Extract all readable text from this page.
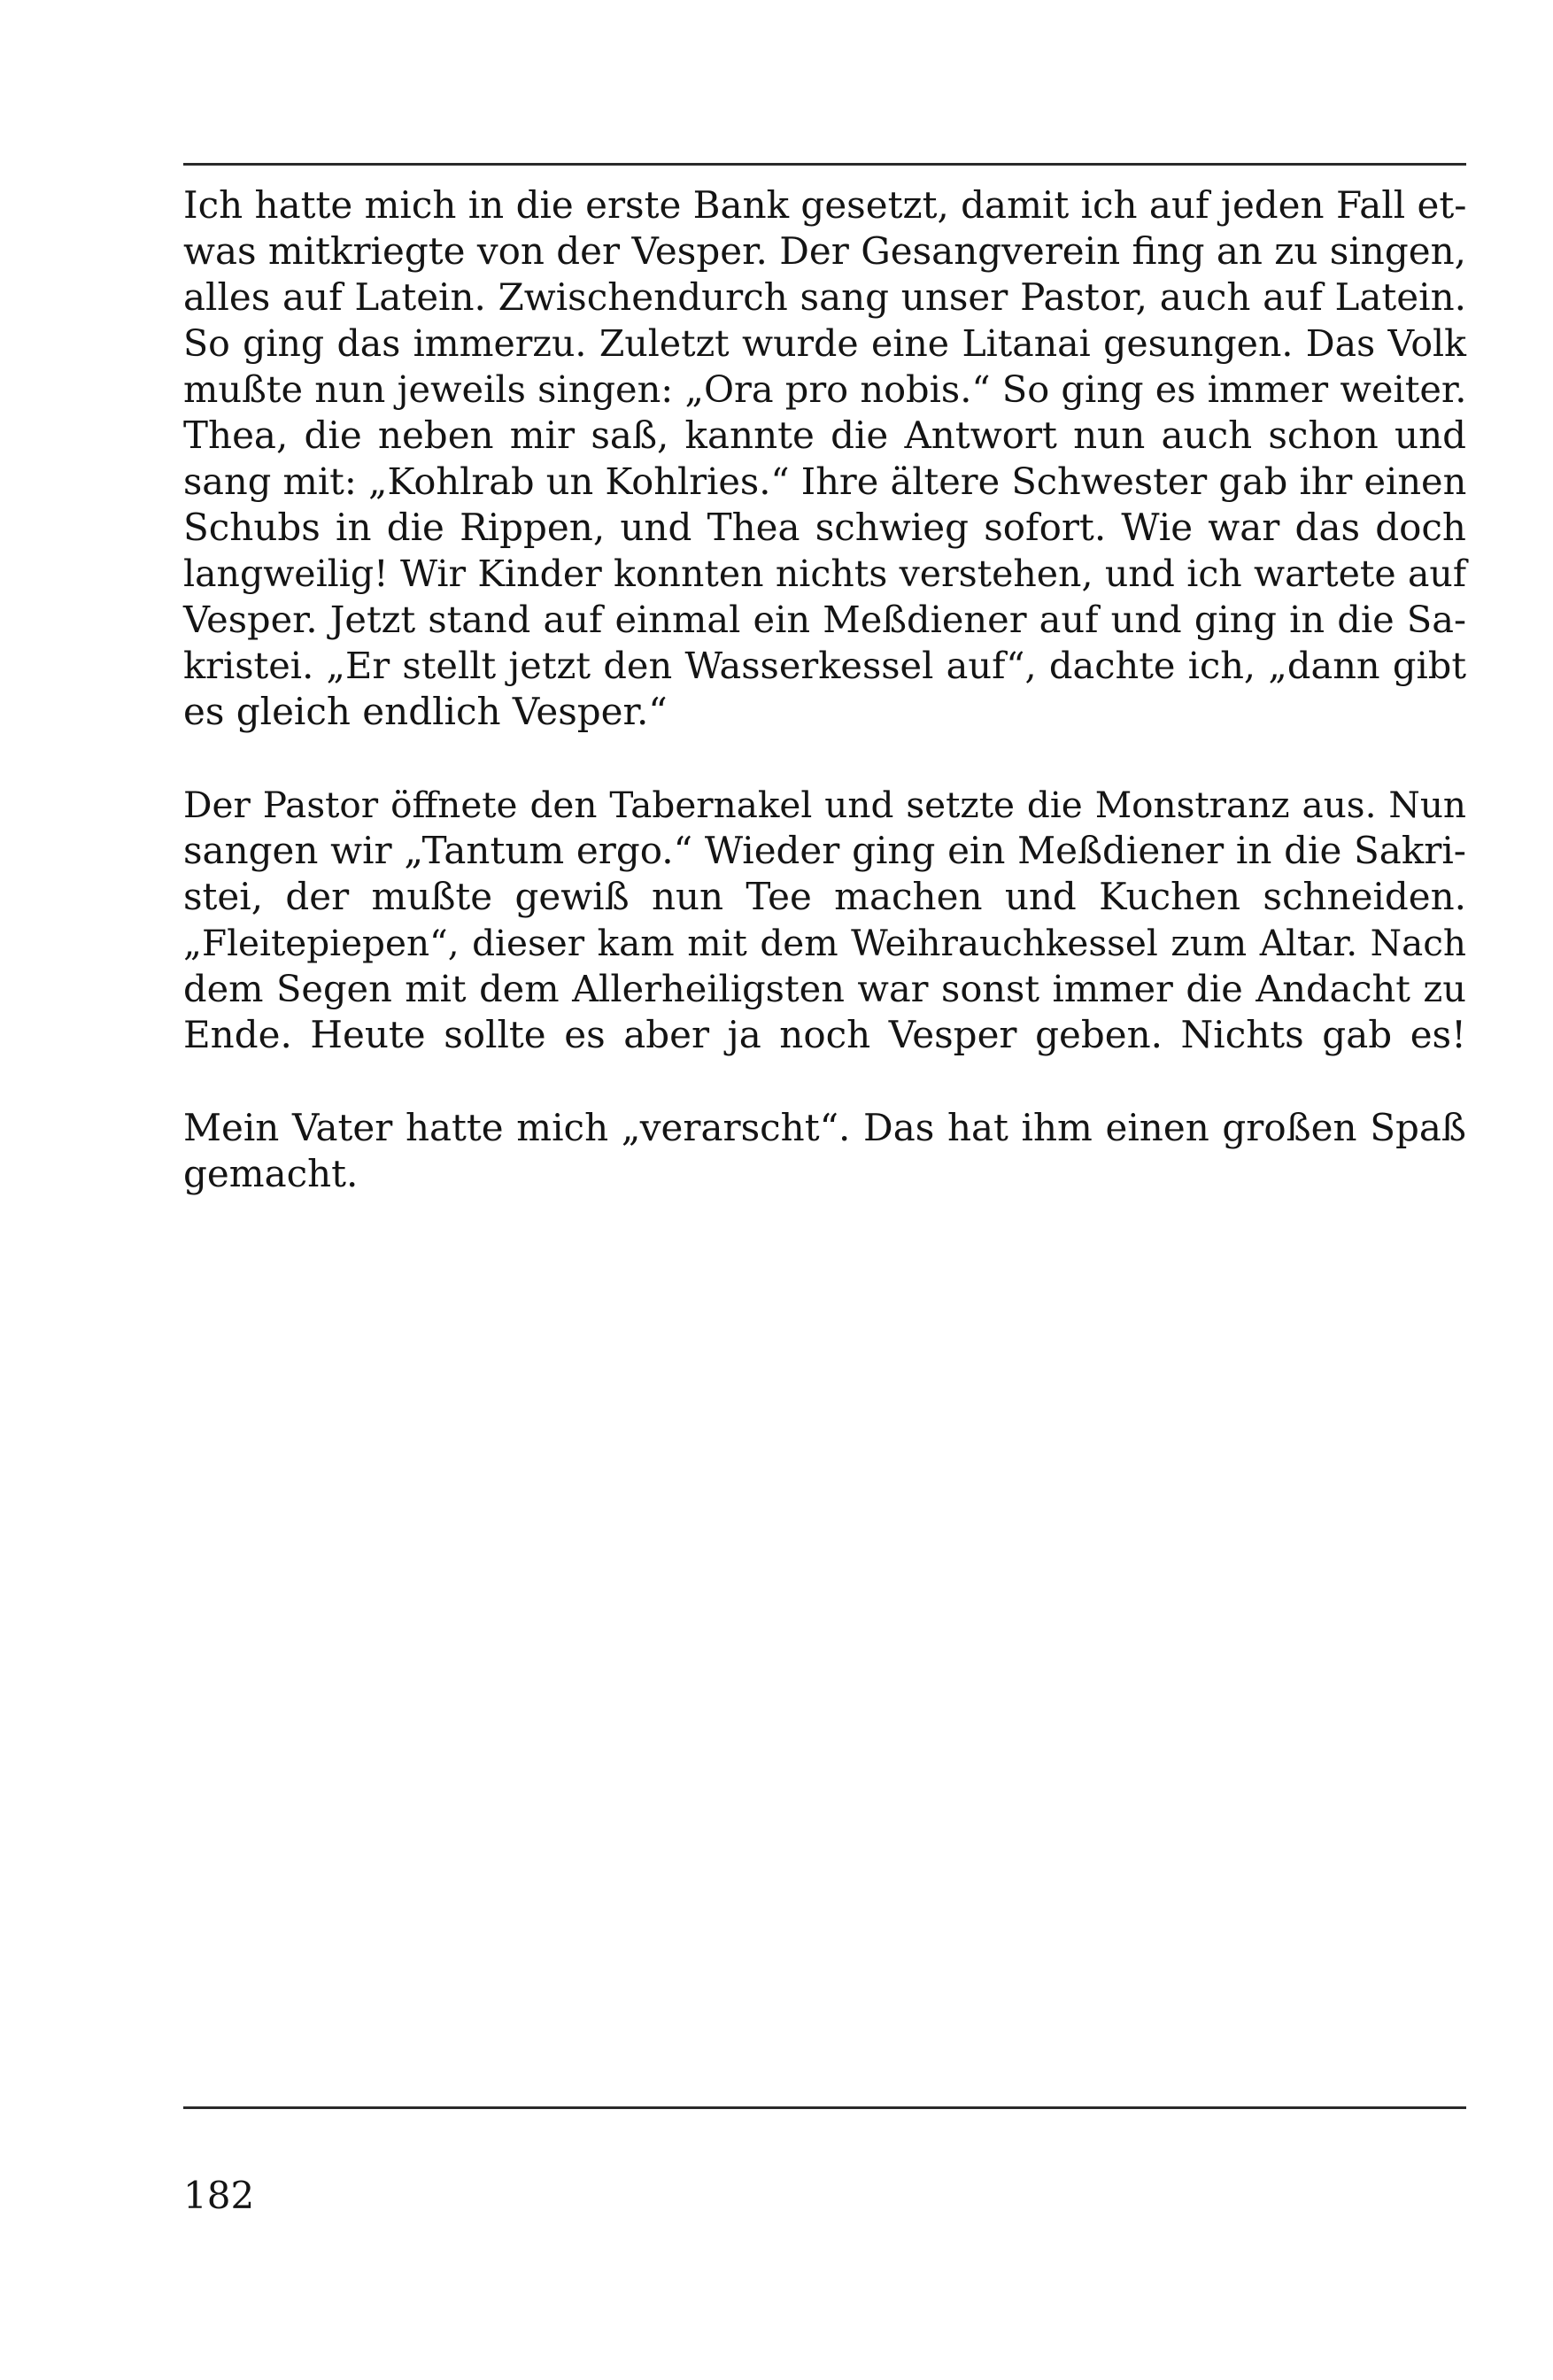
Ich hatte mich in die erste Bank gesetzt, damit ich auf jeden Fall et-
was mitkriegte von der Vesper. Der Gesangverein fing an zu singen,
alles auf Latein. Zwischendurch sang unser Pastor, auch auf Latein.
So ging das immerzu. Zuletzt wurde eine Litanai gesungen. Das Volk
mußte nun jeweils singen: „Ora pro nobis.“ So ging es immer weiter.
Thea, die neben mir saß, kannte die Antwort nun auch schon und
sang mit: „Kohlrab un Kohlries.“ Ihre ältere Schwester gab ihr einen
Schubs in die Rippen, und Thea schwieg sofort. Wie war das doch
langweilig! Wir Kinder konnten nichts verstehen, und ich wartete auf
Vesper. Jetzt stand auf einmal ein Meßdiener auf und ging in die Sa-
kristei. „Er stellt jetzt den Wasserkessel auf“, dachte ich, „dann gibt
es gleich endlich Vesper.“

Der Pastor öffnete den Tabernakel und setzte die Monstranz aus. Nun
sangen wir „Tantum ergo.“ Wieder ging ein Meßdiener in die Sakri-
stei, der mußte gewiß nun Tee machen und Kuchen schneiden.
„Fleitepiepen“, dieser kam mit dem Weihrauchkessel zum Altar. Nach
dem Segen mit dem Allerheiligsten war sonst immer die Andacht zu
Ende. Heute sollte es aber ja noch Vesper geben. Nichts gab es!

Mein Vater hatte mich „verarscht“. Das hat ihm einen großen Spaß
gemacht.

182
